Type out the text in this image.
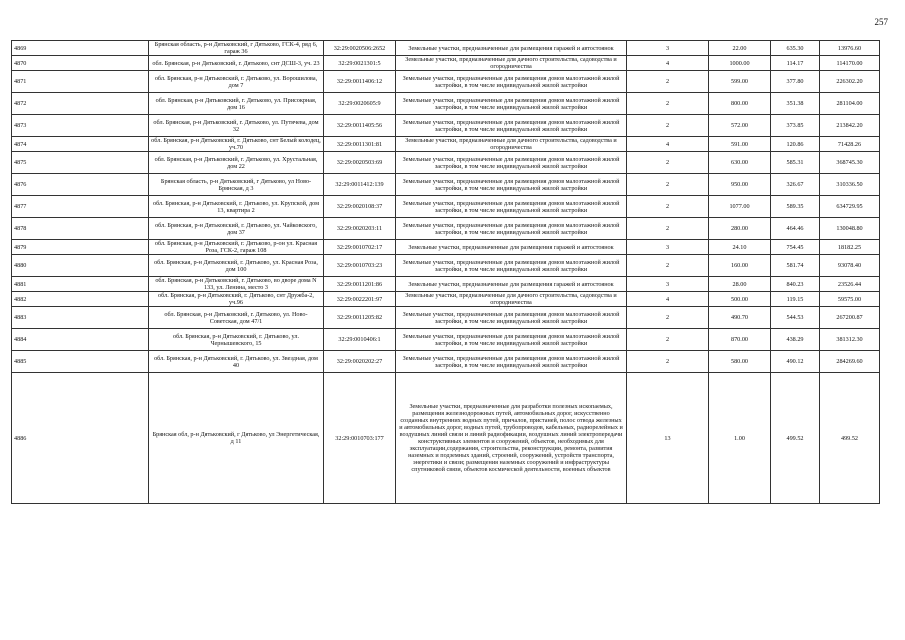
257
4869	Брянская область, р-н Дятьковский, г Дятьково, ГСК-4, ряд 6, гараж 36	32:29:0020506:2652	Земельные участки, предназначенные для размещения гаражей и автостоянок	3	22.00	635.30	13976.60
4870	обл. Брянская, р-н Дятьковский, г. Дятьково, снт ДСШ-3, уч. 23	32:29:0021301:5	Земельные участки, предназначенные для дачного строительства, садоводства и огородничества	4	1000.00	114.17	114170.00
4871	обл. Брянская, р-н Дятьковский, г. Дятьково, ул. Ворошилова, дом 7	32:29:0011406:12	Земельные участки, предназначенные для размещения домов малоэтажной жилой застройки, в том числе индивидуальной жилой застройки	2	599.00	377.80	226302.20
4872	обл. Брянская, р-н Дятьковский, г. Дятьково, ул. Присокрная, дом 16	32:29:0020605:9	Земельные участки, предназначенные для размещения домов малоэтажной жилой застройки, в том числе индивидуальной жилой застройки	2	800.00	351.38	281104.00
4873	обл. Брянская, р-н Дятьковский, г. Дятьково, ул. Путячева, дом 32	32:29:0011405:56	Земельные участки, предназначенные для размещения домов малоэтажной жилой застройки, в том числе индивидуальной жилой застройки	2	572.00	373.85	213842.20
4874	обл. Брянская, р-н Дятьковский, г. Дятьково, снт Белый колодец, уч.70	32:29:0011301:81	Земельные участки, предназначенные для дачного строительства, садоводства и огородничества	4	591.00	120.86	71428.26
4875	обл. Брянская, р-н Дятьковский, г. Дятьково, ул. Хрустальная, дом 22	32:29:0020503:69	Земельные участки, предназначенные для размещения домов малоэтажной жилой застройки, в том числе индивидуальной жилой застройки	2	630.00	585.31	368745.30
4876	Брянская область, р-н Дятьковский, г Дятьково, ул Ново-Брянская, д 3	32:29:0011412:139	Земельные участки, предназначенные для размещения домов малоэтажной жилой застройки, в том числе индивидуальной жилой застройки	2	950.00	326.67	310336.50
4877	обл. Брянская, р-н Дятьковский, г. Дятьково, ул. Крупской, дом 13, квартира 2	32:29:0020108:37	Земельные участки, предназначенные для размещения домов малоэтажной жилой застройки, в том числе индивидуальной жилой застройки	2	1077.00	589.35	634729.95
4878	обл. Брянская, р-н Дятьковский, г. Дятьково, ул. Чайковского, дом 37	32:29:0020203:11	Земельные участки, предназначенные для размещения домов малоэтажной жилой застройки, в том числе индивидуальной жилой застройки	2	280.00	464.46	130048.80
4879	обл. Брянская, р-н Дятьковский, г. Дятьково, р-он ул. Красная Роза, ГСК-2, гараж 108	32:29:0010702:17	Земельные участки, предназначенные для размещения гаражей и автостоянок	3	24.10	754.45	18182.25
4880	обл. Брянская, р-н Дятьковский, г. Дятьково, ул. Красная Роза, дом 100	32:29:0010703:23	Земельные участки, предназначенные для размещения домов малоэтажной жилой застройки, в том числе индивидуальной жилой застройки	2	160.00	581.74	93078.40
4881	обл. Брянская, р-н Дятьковский, г. Дятьково, во дворе дома N 133, ул. Ленина, место 3	32:29:0011201:86	Земельные участки, предназначенные для размещения гаражей и автостоянок	3	28.00	840.23	23526.44
4882	обл. Брянская, р-н Дятьковский, г. Дятьково, снт Дружба-2, уч.96	32:29:0022201:97	Земельные участки, предназначенные для дачного строительства, садоводства и огородничества	4	500.00	119.15	59575.00
4883	обл. Брянская, р-н Дятьковский, г. Дятьково, ул. Ново-Советская, дом 47/1	32:29:0011205:82	Земельные участки, предназначенные для размещения домов малоэтажной жилой застройки, в том числе индивидуальной жилой застройки	2	490.70	544.53	267200.87
4884	обл. Брянская, р-н Дятьковский, г. Дятьково, ул. Чернышевского, 15	32:29:0010406:1	Земельные участки, предназначенные для размещения домов малоэтажной жилой застройки, в том числе индивидуальной жилой застройки	2	870.00	438.29	381312.30
4885	обл. Брянская, р-н Дятьковский, г. Дятьково, ул. Звездная, дом 40	32:29:0020202:27	Земельные участки, предназначенные для размещения домов малоэтажной жилой застройки, в том числе индивидуальной жилой застройки	2	580.00	490.12	284269.60
4886	Брянская обл, р-н Дятьковский, г Дятьково, ул Энергетическая, д 11	32:29:0010703:177	Земельные участки, предназначенные для разработки полезных ископаемых, размещения железнодорожных путей, автомобильных дорог, искусственно созданных внутренних водных путей, причалов, пристаней, полос отвода железных и автомобильных дорог, водных путей, трубопроводов, кабельных, радиорелейных и воздушных линий связи и линий радиофикации, воздушных линий электропередачи конструктивных элементов и сооружений, объектов, необходимых для эксплуатации,содержания, строительства, реконструкции, ремонта, развития наземных и подземных зданий, строений, сооружений, устройств транспорта, энергетики и связи; размещения наземных сооружений и инфраструктуры спутниковой связи, объектов космической деятельности, военных объектов	13	1.00	499.52	499.52
